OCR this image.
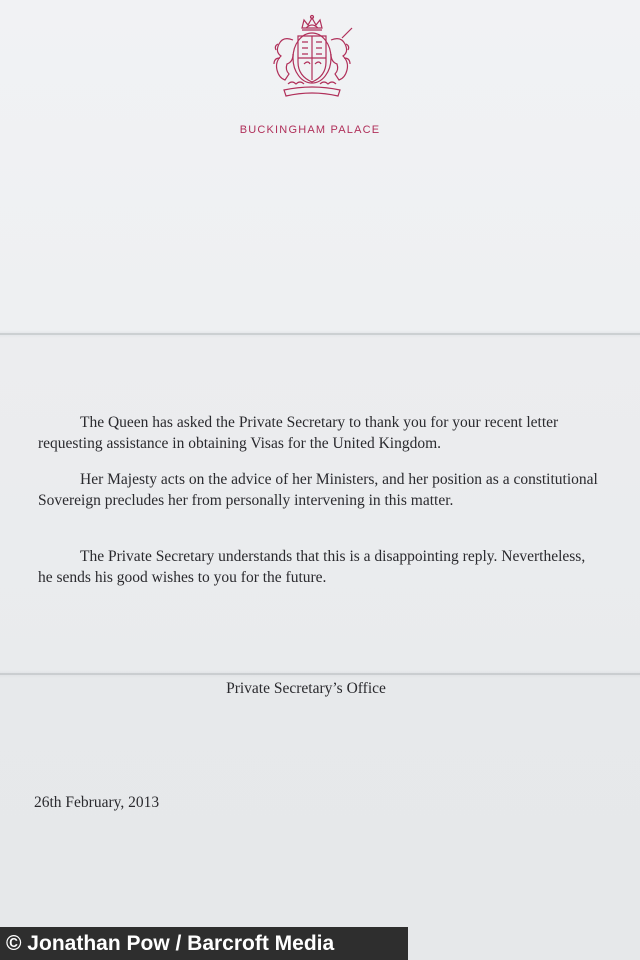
BUCKINGHAM PALACE
The Queen has asked the Private Secretary to thank you for your recent letter requesting assistance in obtaining Visas for the United Kingdom.
Her Majesty acts on the advice of her Ministers, and her position as a constitutional Sovereign precludes her from personally intervening in this matter.
The Private Secretary understands that this is a disappointing reply. Nevertheless, he sends his good wishes to you for the future.
Private Secretary’s Office
26th February, 2013
© Jonathan Pow / Barcroft Media
